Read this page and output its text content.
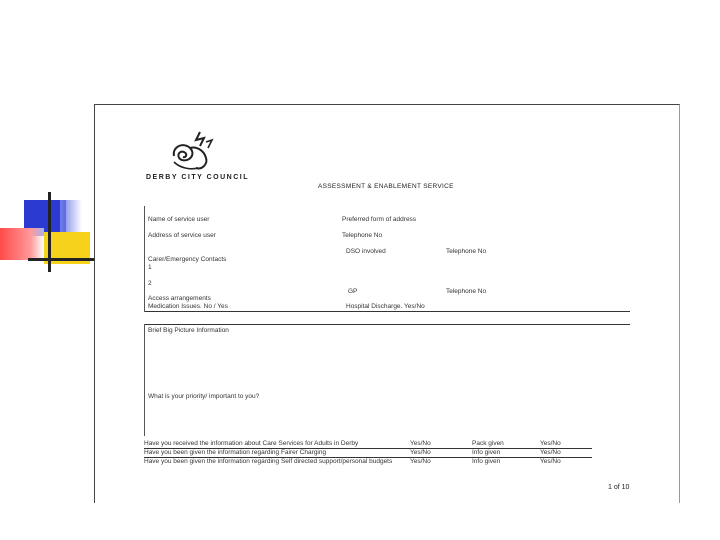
DERBY CITY COUNCIL
ASSESSMENT & ENABLEMENT SERVICE
Name of service user	Preferred form of address
Address of service user	Telephone No
DSO involved	Telephone No
Carer/Emergency Contacts
1
2
GP	Telephone No
Access arrangements
Medication Issues. No / Yes	Hospital Discharge. Yes/No
Brief Big Picture Information
What is your priority/ important to you?
Have you received the information about Care Services for Adults in Derby	Yes/No	Pack given	Yes/No
Have you been given the information regarding Fairer Charging	Yes/No	Info given	Yes/No
Have you been given the information regarding Self directed support/personal budgets	Yes/No	Info given	Yes/No
1 of 10
